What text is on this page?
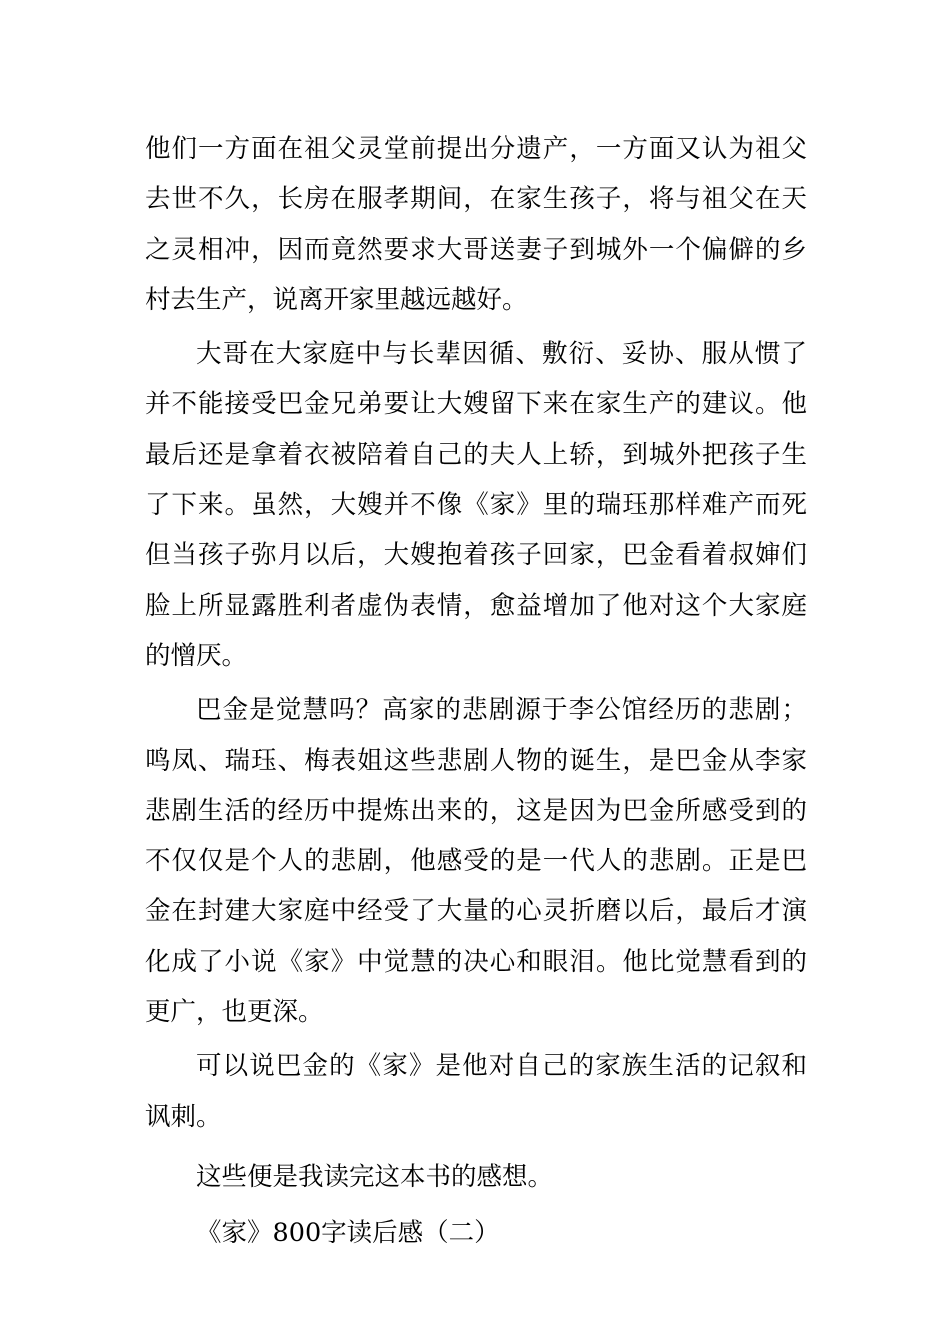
他们一方面在祖父灵堂前提出分遗产，一方面又认为祖父去世不久，长房在服孝期间，在家生孩子，将与祖父在天之灵相冲，因而竟然要求大哥送妻子到城外一个偏僻的乡村去生产，说离开家里越远越好。

大哥在大家庭中与长辈因循、敷衍、妥协、服从惯了并不能接受巴金兄弟要让大嫂留下来在家生产的建议。他最后还是拿着衣被陪着自己的夫人上轿，到城外把孩子生了下来。虽然，大嫂并不像《家》里的瑞珏那样难产而死但当孩子弥月以后，大嫂抱着孩子回家，巴金看着叔婶们脸上所显露胜利者虚伪表情，愈益增加了他对这个大家庭的憎厌。

巴金是觉慧吗？高家的悲剧源于李公馆经历的悲剧；鸣凤、瑞珏、梅表姐这些悲剧人物的诞生，是巴金从李家悲剧生活的经历中提炼出来的，这是因为巴金所感受到的不仅仅是个人的悲剧，他感受的是一代人的悲剧。正是巴金在封建大家庭中经受了大量的心灵折磨以后，最后才演化成了小说《家》中觉慧的决心和眼泪。他比觉慧看到的更广，也更深。

可以说巴金的《家》是他对自己的家族生活的记叙和讽刺。

这些便是我读完这本书的感想。

《家》800字读后感（二）
